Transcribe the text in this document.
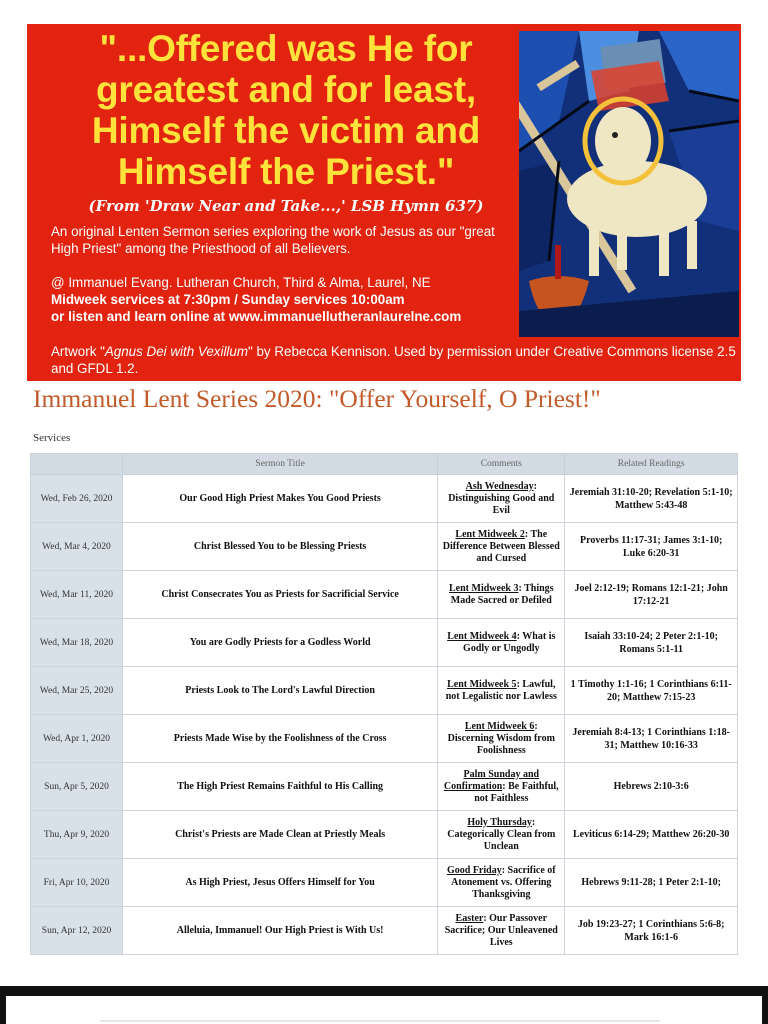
"...Offered was He for greatest and for least, Himself the victim and Himself the Priest."
(From 'Draw Near and Take...,' LSB Hymn 637)
An original Lenten Sermon series exploring the work of Jesus as our "great High Priest" among the Priesthood of all Believers.
@ Immanuel Evang. Lutheran Church, Third & Alma, Laurel, NE
Midweek services at 7:30pm / Sunday services 10:00am
or listen and learn online at www.immanuellutheranlaurelne.com
Artwork "Agnus Dei with Vexillum" by Rebecca Kennison. Used by permission under Creative Commons license 2.5 and GFDL 1.2.
Immanuel Lent Series 2020: "Offer Yourself, O Priest!"
Services
	Sermon Title	Comments	Related Readings
Wed, Feb 26, 2020	Our Good High Priest Makes You Good Priests	Ash Wednesday: Distinguishing Good and Evil	Jeremiah 31:10-20; Revelation 5:1-10; Matthew 5:43-48
Wed, Mar 4, 2020	Christ Blessed You to be Blessing Priests	Lent Midweek 2: The Difference Between Blessed and Cursed	Proverbs 11:17-31; James 3:1-10; Luke 6:20-31
Wed, Mar 11, 2020	Christ Consecrates You as Priests for Sacrificial Service	Lent Midweek 3: Things Made Sacred or Defiled	Joel 2:12-19; Romans 12:1-21; John 17:12-21
Wed, Mar 18, 2020	You are Godly Priests for a Godless World	Lent Midweek 4: What is Godly or Ungodly	Isaiah 33:10-24; 2 Peter 2:1-10; Romans 5:1-11
Wed, Mar 25, 2020	Priests Look to The Lord's Lawful Direction	Lent Midweek 5: Lawful, not Legalistic nor Lawless	1 Timothy 1:1-16; 1 Corinthians 6:11-20; Matthew 7:15-23
Wed, Apr 1, 2020	Priests Made Wise by the Foolishness of the Cross	Lent Midweek 6: Discerning Wisdom from Foolishness	Jeremiah 8:4-13; 1 Corinthians 1:18-31; Matthew 10:16-33
Sun, Apr 5, 2020	The High Priest Remains Faithful to His Calling	Palm Sunday and Confirmation: Be Faithful, not Faithless	Hebrews 2:10-3:6
Thu, Apr 9, 2020	Christ's Priests are Made Clean at Priestly Meals	Holy Thursday: Categorically Clean from Unclean	Leviticus 6:14-29; Matthew 26:20-30
Fri, Apr 10, 2020	As High Priest, Jesus Offers Himself for You	Good Friday: Sacrifice of Atonement vs. Offering Thanksgiving	Hebrews 9:11-28; 1 Peter 2:1-10;
Sun, Apr 12, 2020	Alleluia, Immanuel! Our High Priest is With Us!	Easter: Our Passover Sacrifice; Our Unleavened Lives	Job 19:23-27; 1 Corinthians 5:6-8; Mark 16:1-6
